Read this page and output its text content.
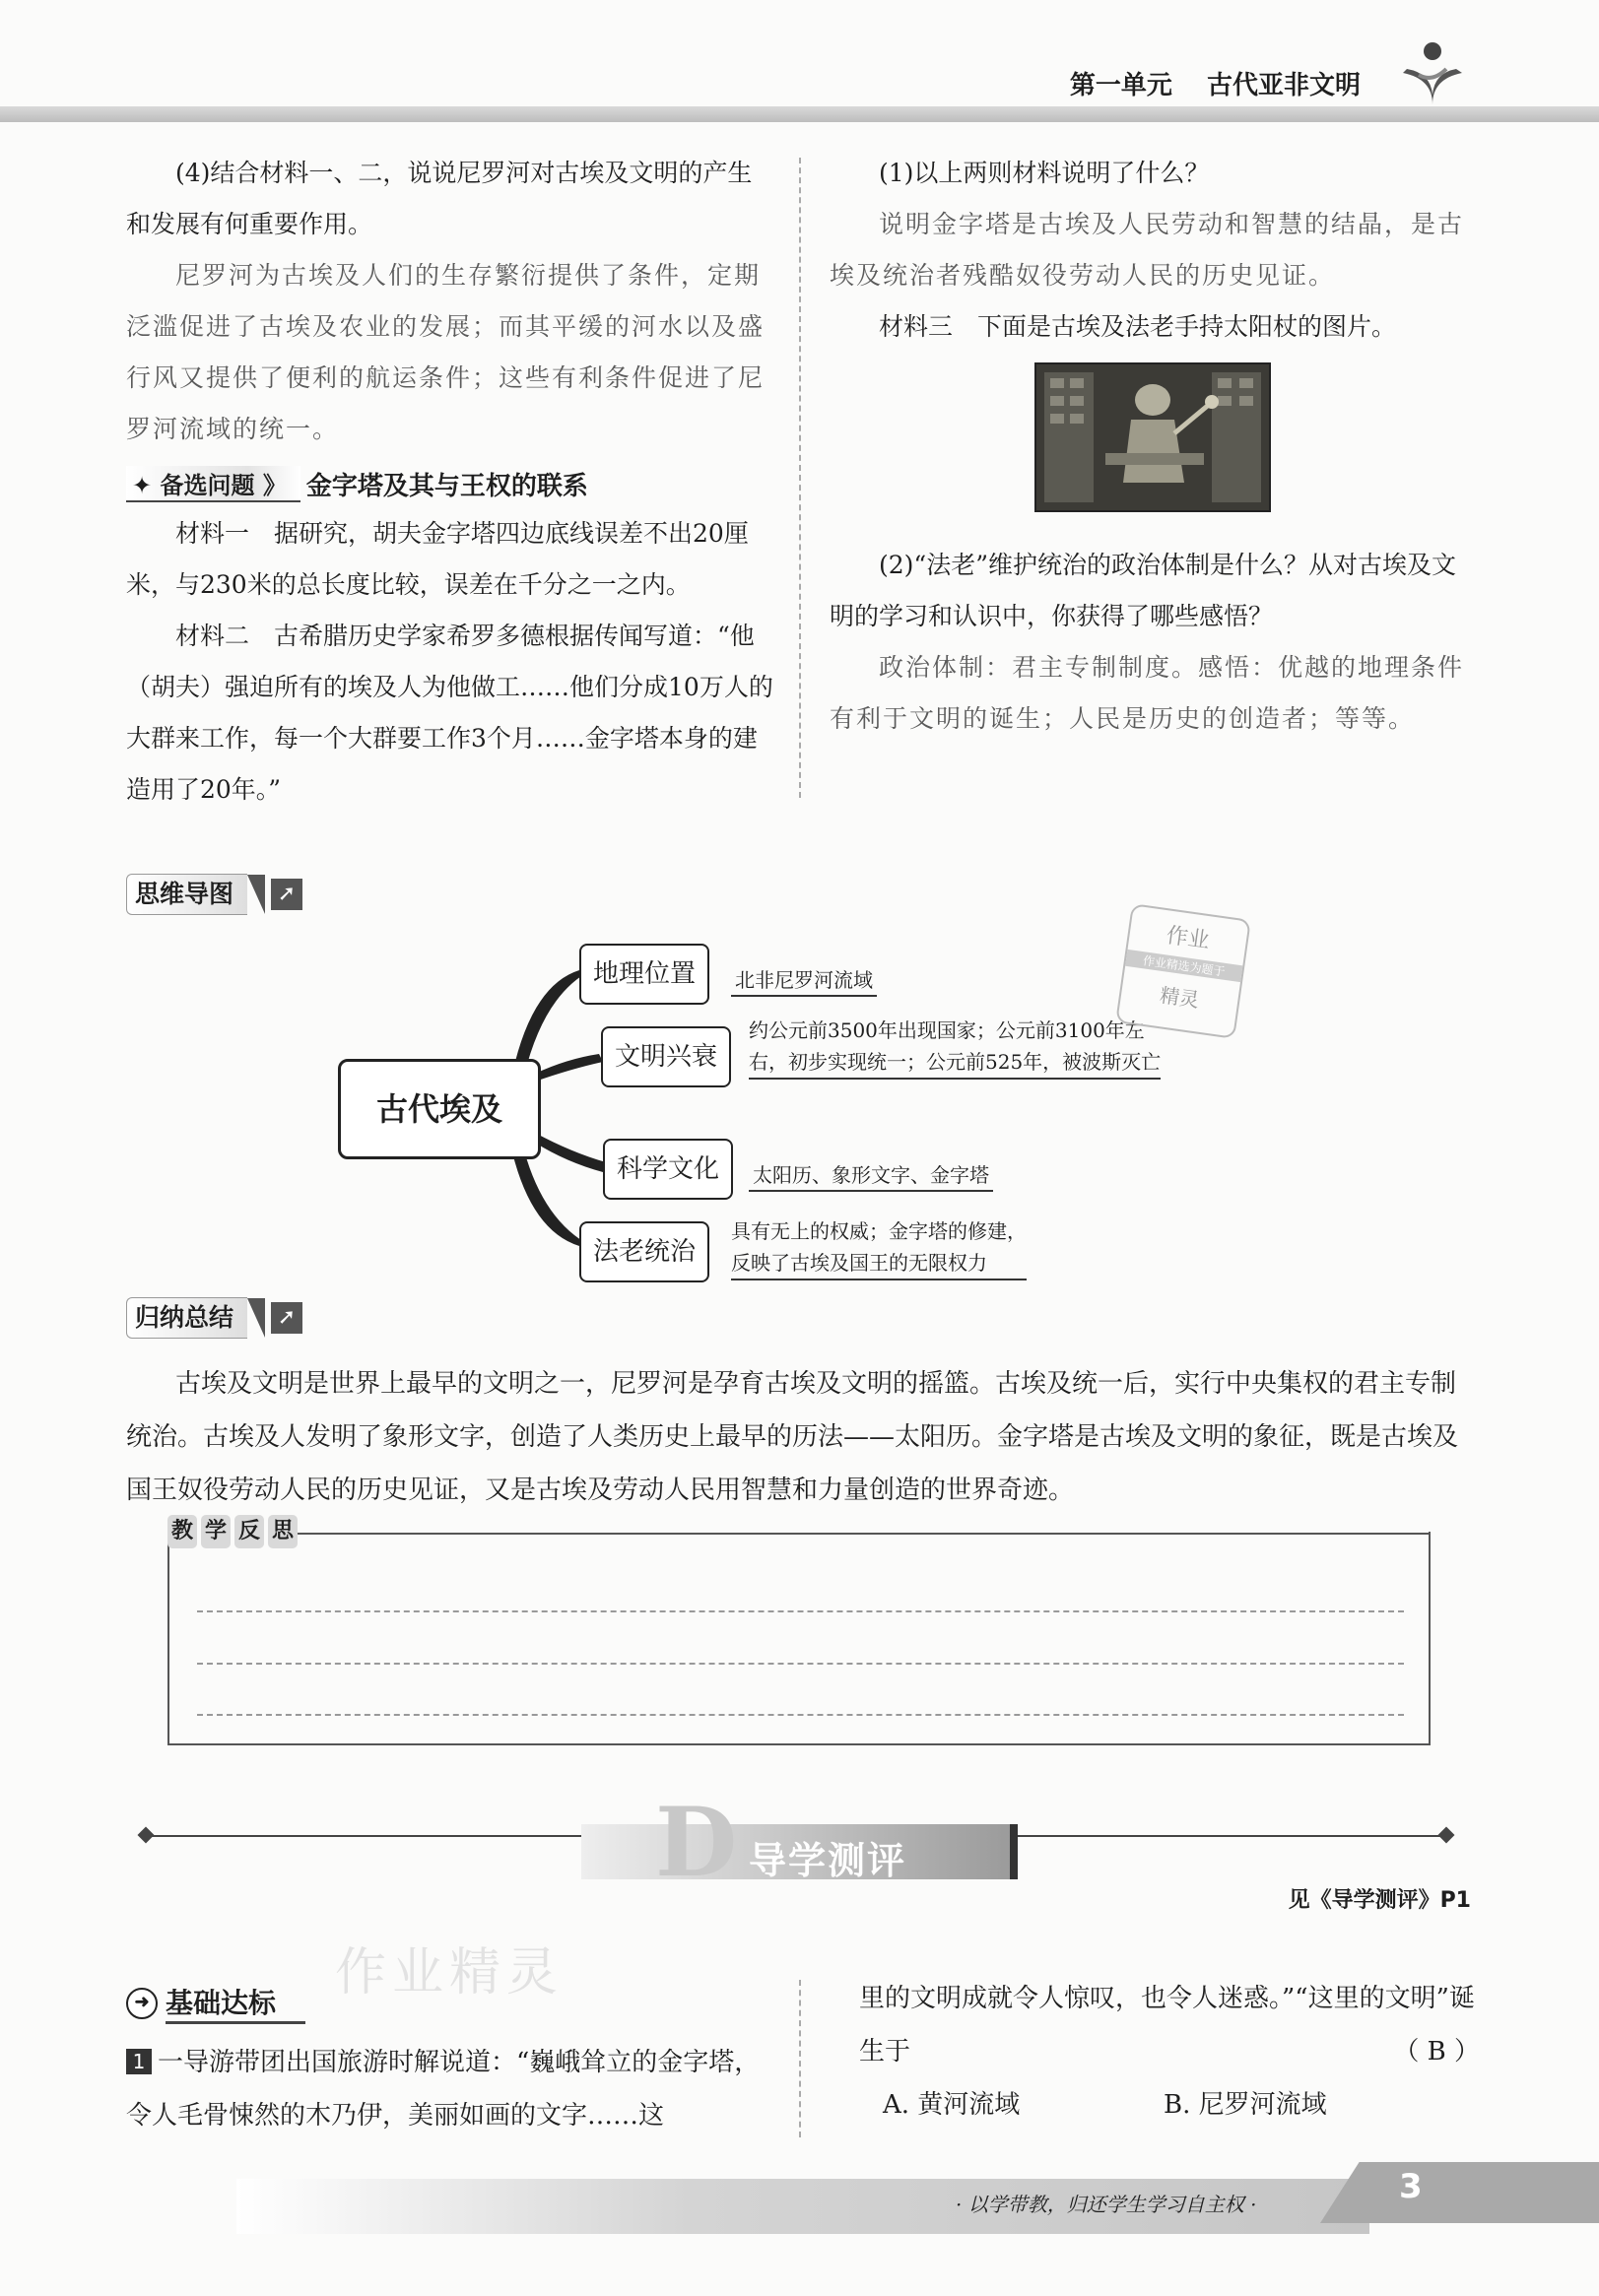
第一单元　 古代亚非文明

(4)结合材料一、二，说说尼罗河对古埃及文明的产生和发展有何重要作用。

尼罗河为古埃及人们的生存繁衍提供了条件，定期泛滥促进了古埃及农业的发展；而其平缓的河水以及盛行风又提供了便利的航运条件；这些有利条件促进了尼罗河流域的统一。

✦ 备选问题 》 金字塔及其与王权的联系

材料一　据研究，胡夫金字塔四边底线误差不出20厘米，与230米的总长度比较，误差在千分之一之内。

材料二　古希腊历史学家希罗多德根据传闻写道：“他（胡夫）强迫所有的埃及人为他做工……他们分成10万人的大群来工作，每一个大群要工作3个月……金字塔本身的建造用了20年。”

(1)以上两则材料说明了什么？

说明金字塔是古埃及人民劳动和智慧的结晶，是古埃及统治者残酷奴役劳动人民的历史见证。

材料三　下面是古埃及法老手持太阳杖的图片。

(2)“法老”维护统治的政治体制是什么？从对古埃及文明的学习和认识中，你获得了哪些感悟？

政治体制：君主专制制度。感悟：优越的地理条件有利于文明的诞生；人民是历史的创造者；等等。

思维导图	➚
古代埃及
地理位置	北非尼罗河流域
文明兴衰
约公元前3500年出现国家；公元前3100年左
右，初步实现统一；公元前525年，被波斯灭亡
科学文化	太阳历、象形文字、金字塔
法老统治
具有无上的权威；金字塔的修建，
反映了古埃及国王的无限权力
作业
作业精选为题于
精灵
归纳总结	➚
古埃及文明是世界上最早的文明之一，尼罗河是孕育古埃及文明的摇篮。古埃及统一后，实行中央集权的君主专制统治。古埃及人发明了象形文字，创造了人类历史上最早的历法——太阳历。金字塔是古埃及文明的象征，既是古埃及国王奴役劳动人民的历史见证，又是古埃及劳动人民用智慧和力量创造的世界奇迹。
教 学 反 思
D 导学测评
见《导学测评》P1
➜ 基础达标
作业精灵
1 一导游带团出国旅游时解说道：“巍峨耸立的金字塔，令人毛骨悚然的木乃伊，美丽如画的文字……这
里的文明成就令人惊叹，也令人迷惑。”“这里的文明”诞生于	（ B ）
A. 黄河流域	B. 尼罗河流域
· 以学带教，归还学生学习自主权 ·	3
